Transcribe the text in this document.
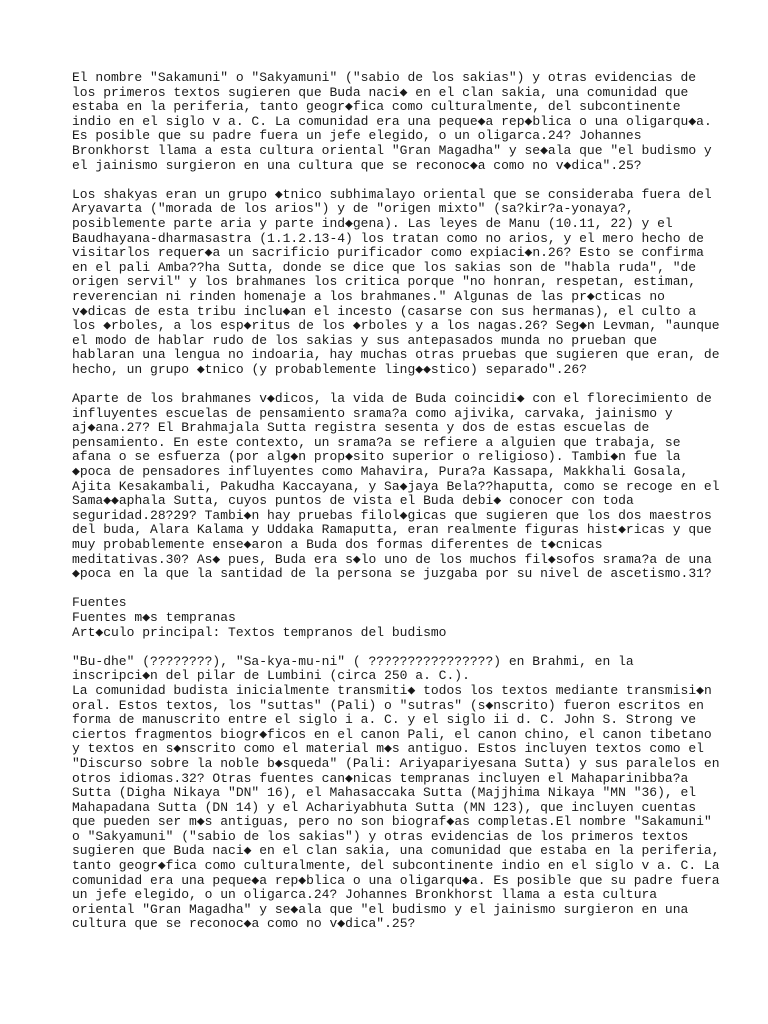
El nombre "Sakamuni" o "Sakyamuni" ("sabio de los sakias") y otras evidencias de
los primeros textos sugieren que Buda naci◆ en el clan sakia, una comunidad que
estaba en la periferia, tanto geogr◆fica como culturalmente, del subcontinente
indio en el siglo v a. C. La comunidad era una peque◆a rep◆blica o una oligarqu◆a.
Es posible que su padre fuera un jefe elegido, o un oligarca.24? Johannes
Bronkhorst llama a esta cultura oriental "Gran Magadha" y se◆ala que "el budismo y
el jainismo surgieron en una cultura que se reconoc◆a como no v◆dica".25?
Los shakyas eran un grupo ◆tnico subhimalayo oriental que se consideraba fuera del
Aryavarta ("morada de los arios") y de "origen mixto" (sa?kir?a-yonaya?,
posiblemente parte aria y parte ind◆gena). Las leyes de Manu (10.11, 22) y el
Baudhayana-dharmasastra (1.1.2.13-4) los tratan como no arios, y el mero hecho de
visitarlos requer◆a un sacrificio purificador como expiaci◆n.26? Esto se confirma
en el pali Amba??ha Sutta, donde se dice que los sakias son de "habla ruda", "de
origen servil" y los brahmanes los critica porque "no honran, respetan, estiman,
reverencian ni rinden homenaje a los brahmanes." Algunas de las pr◆cticas no
v◆dicas de esta tribu inclu◆an el incesto (casarse con sus hermanas), el culto a
los ◆rboles, a los esp◆ritus de los ◆rboles y a los nagas.26? Seg◆n Levman, "aunque
el modo de hablar rudo de los sakias y sus antepasados munda no prueban que
hablaran una lengua no indoaria, hay muchas otras pruebas que sugieren que eran, de
hecho, un grupo ◆tnico (y probablemente ling◆◆stico) separado".26?
Aparte de los brahmanes v◆dicos, la vida de Buda coincidi◆ con el florecimiento de
influyentes escuelas de pensamiento srama?a como ajivika, carvaka, jainismo y
aj◆ana.27? El Brahmajala Sutta registra sesenta y dos de estas escuelas de
pensamiento. En este contexto, un srama?a se refiere a alguien que trabaja, se
afana o se esfuerza (por alg◆n prop◆sito superior o religioso). Tambi◆n fue la
◆poca de pensadores influyentes como Mahavira, Pura?a Kassapa, Makkhali Gosala,
Ajita Kesakambali, Pakudha Kaccayana, y Sa◆jaya Bela??haputta, como se recoge en el
Sama◆◆aphala Sutta, cuyos puntos de vista el Buda debi◆ conocer con toda
seguridad.28?29? Tambi◆n hay pruebas filol◆gicas que sugieren que los dos maestros
del buda, Alara Kalama y Uddaka Ramaputta, eran realmente figuras hist◆ricas y que
muy probablemente ense◆aron a Buda dos formas diferentes de t◆cnicas
meditativas.30? As◆ pues, Buda era s◆lo uno de los muchos fil◆sofos srama?a de una
◆poca en la que la santidad de la persona se juzgaba por su nivel de ascetismo.31?
Fuentes
Fuentes m◆s tempranas
Art◆culo principal: Textos tempranos del budismo
"Bu-dhe" (????????), "Sa-kya-mu-ni" ( ????????????????) en Brahmi, en la
inscripci◆n del pilar de Lumbini (circa 250 a. C.).
La comunidad budista inicialmente transmiti◆ todos los textos mediante transmisi◆n
oral. Estos textos, los "suttas" (Pali) o "sutras" (s◆nscrito) fueron escritos en
forma de manuscrito entre el siglo i a. C. y el siglo ii d. C. John S. Strong ve
ciertos fragmentos biogr◆ficos en el canon Pali, el canon chino, el canon tibetano
y textos en s◆nscrito como el material m◆s antiguo. Estos incluyen textos como el
"Discurso sobre la noble b◆squeda" (Pali: Ariyapariyesana Sutta) y sus paralelos en
otros idiomas.32? Otras fuentes can◆nicas tempranas incluyen el Mahaparinibba?a
Sutta (Digha Nikaya "DN" 16), el Mahasaccaka Sutta (Majjhima Nikaya "MN "36), el
Mahapadana Sutta (DN 14) y el Achariyabhuta Sutta (MN 123), que incluyen cuentas
que pueden ser m◆s antiguas, pero no son biograf◆as completas.El nombre "Sakamuni"
o "Sakyamuni" ("sabio de los sakias") y otras evidencias de los primeros textos
sugieren que Buda naci◆ en el clan sakia, una comunidad que estaba en la periferia,
tanto geogr◆fica como culturalmente, del subcontinente indio en el siglo v a. C. La
comunidad era una peque◆a rep◆blica o una oligarqu◆a. Es posible que su padre fuera
un jefe elegido, o un oligarca.24? Johannes Bronkhorst llama a esta cultura
oriental "Gran Magadha" y se◆ala que "el budismo y el jainismo surgieron en una
cultura que se reconoc◆a como no v◆dica".25?
